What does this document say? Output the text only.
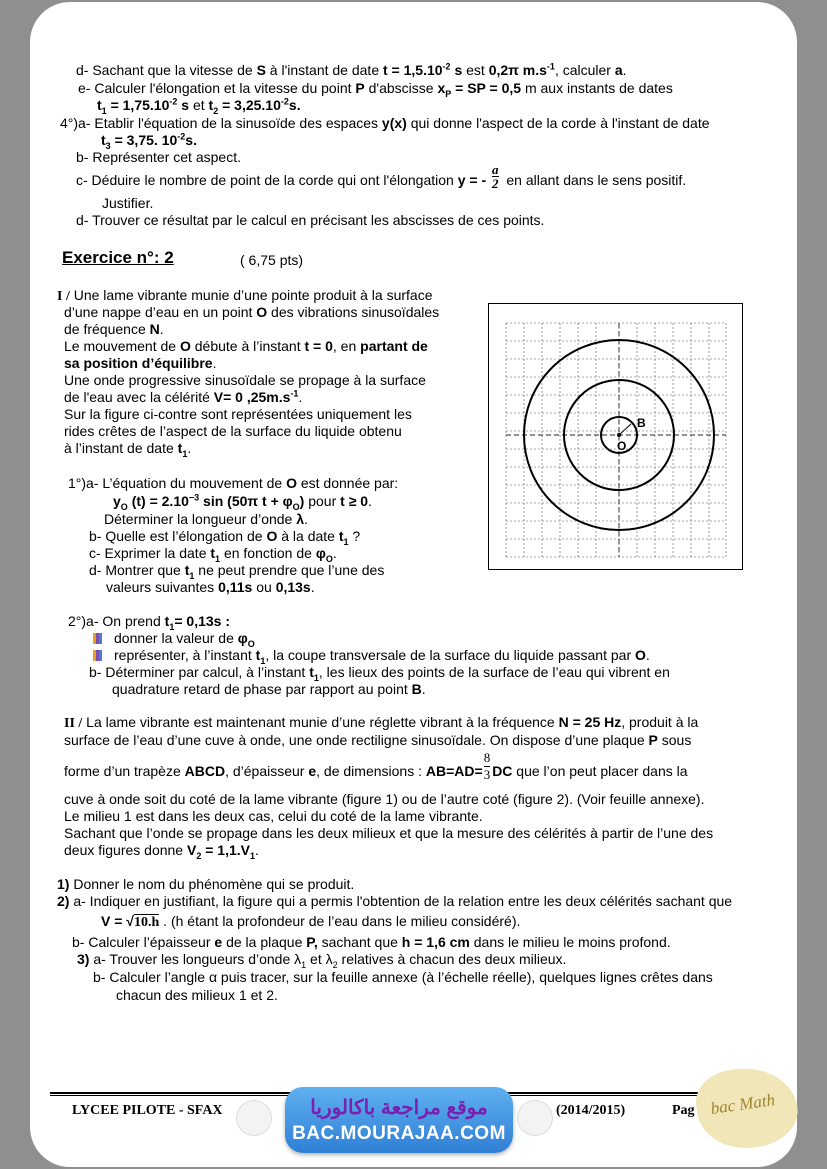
d- Sachant que la vitesse de S à l'instant de date $t = 1,5.10^{-2}$ s est 0,2π $m.s^{-1}$, calculer a.
e- Calculer l'élongation et la vitesse du point P d'abscisse $x_P$ = SP = 0,5 m aux instants de dates
$t_1 = 1,75.10^{-2}$ s et $t_2 = 3,25.10^{-2}s$.
4°)a- Etablir l'équation de la sinusoïde des espaces y(x) qui donne l'aspect de la corde à l'instant de date
$t_3 = 3,75$. $10^{-2}s$.
b- Représenter cet aspect.
c- Déduire le nombre de point de la corde qui ont l'élongation y = - $\frac{a}{2}$ en allant dans le sens positif.
Justifier.
d- Trouver ce résultat par le calcul en précisant les abscisses de ces points.
Exercice n°: 2	( 6,75 pts)
I / Une lame vibrante munie d’une pointe produit à la surface
d’une nappe d’eau en un point O des vibrations sinusoïdales
de fréquence N.
Le mouvement de O débute à l’instant t = 0, en partant de
sa position d’équilibre.
Une onde progressive sinusoïdale se propage à la surface
de l'eau avec la célérité V= 0 $,25m.s^{-1}$.
Sur la figure ci-contre sont représentées uniquement les
rides crêtes de l’aspect de la surface du liquide obtenu
à l’instant de date $t_1$.
B
O
1°)a- L’équation du mouvement de O est donnée par:
$y_O$ $(t) = 2.10^{-3}$ sin (50π $t + \varphi_O$) pour t ≥ 0.
Déterminer la longueur d’onde λ.
b- Quelle est l’élongation de O à la date $t_1$ ?
c- Exprimer la date $t_1$ en fonction de $\varphi_O$.
d- Montrer que $t_1$ ne peut prendre que l’une des
valeurs suivantes 0,11s ou 0,13s.
2°)a- On prend $t_1= 0,13s$ :
donner la valeur de $\varphi_O$
représenter, à l’instant $t_1$, la coupe transversale de la surface du liquide passant par O.
b- Déterminer par calcul, à l’instant $t_1$, les lieux des points de la surface de l’eau qui vibrent en
quadrature retard de phase par rapport au point B.
II / La lame vibrante est maintenant munie d’une réglette vibrant à la fréquence N = 25 Hz, produit à la
surface de l’eau d’une cuve à onde, une onde rectiligne sinusoïdale. On dispose d’une plaque P sous
forme d’un trapèze ABCD, d’épaisseur e, de dimensions : $AB=AD= \frac{8}{3}$ DC que l’on peut placer dans la
cuve à onde soit du coté de la lame vibrante (figure 1) ou de l’autre coté (figure 2). (Voir feuille annexe).
Le milieu 1 est dans les deux cas, celui du coté de la lame vibrante.
Sachant que l’onde se propage dans les deux milieux et que la mesure des célérités à partir de l’une des
deux figures donne $V_2 = 1,1.V_1$.
1) Donner le nom du phénomène qui se produit.
2) a- Indiquer en justifiant, la figure qui a permis l'obtention de la relation entre les deux célérités sachant que
V = √10.h . (h étant la profondeur de l’eau dans le milieu considéré).
b- Calculer l’épaisseur e de la plaque P, sachant que h = 1,6 cm dans le milieu le moins profond.
3) a- Trouver les longueurs d’onde $\lambda_1$ et $\lambda_2$ relatives à chacun des deux milieux.
b- Calculer l’angle α puis tracer, sur la feuille annexe (à l’échelle réelle), quelques lignes crêtes dans
chacun des milieux 1 et 2.
LYCEE PILOTE - SFAX	(2014/2015)	Pag
موقع مراجعة باكالوريا
BAC.MOURAJAA.COM
bac Math
